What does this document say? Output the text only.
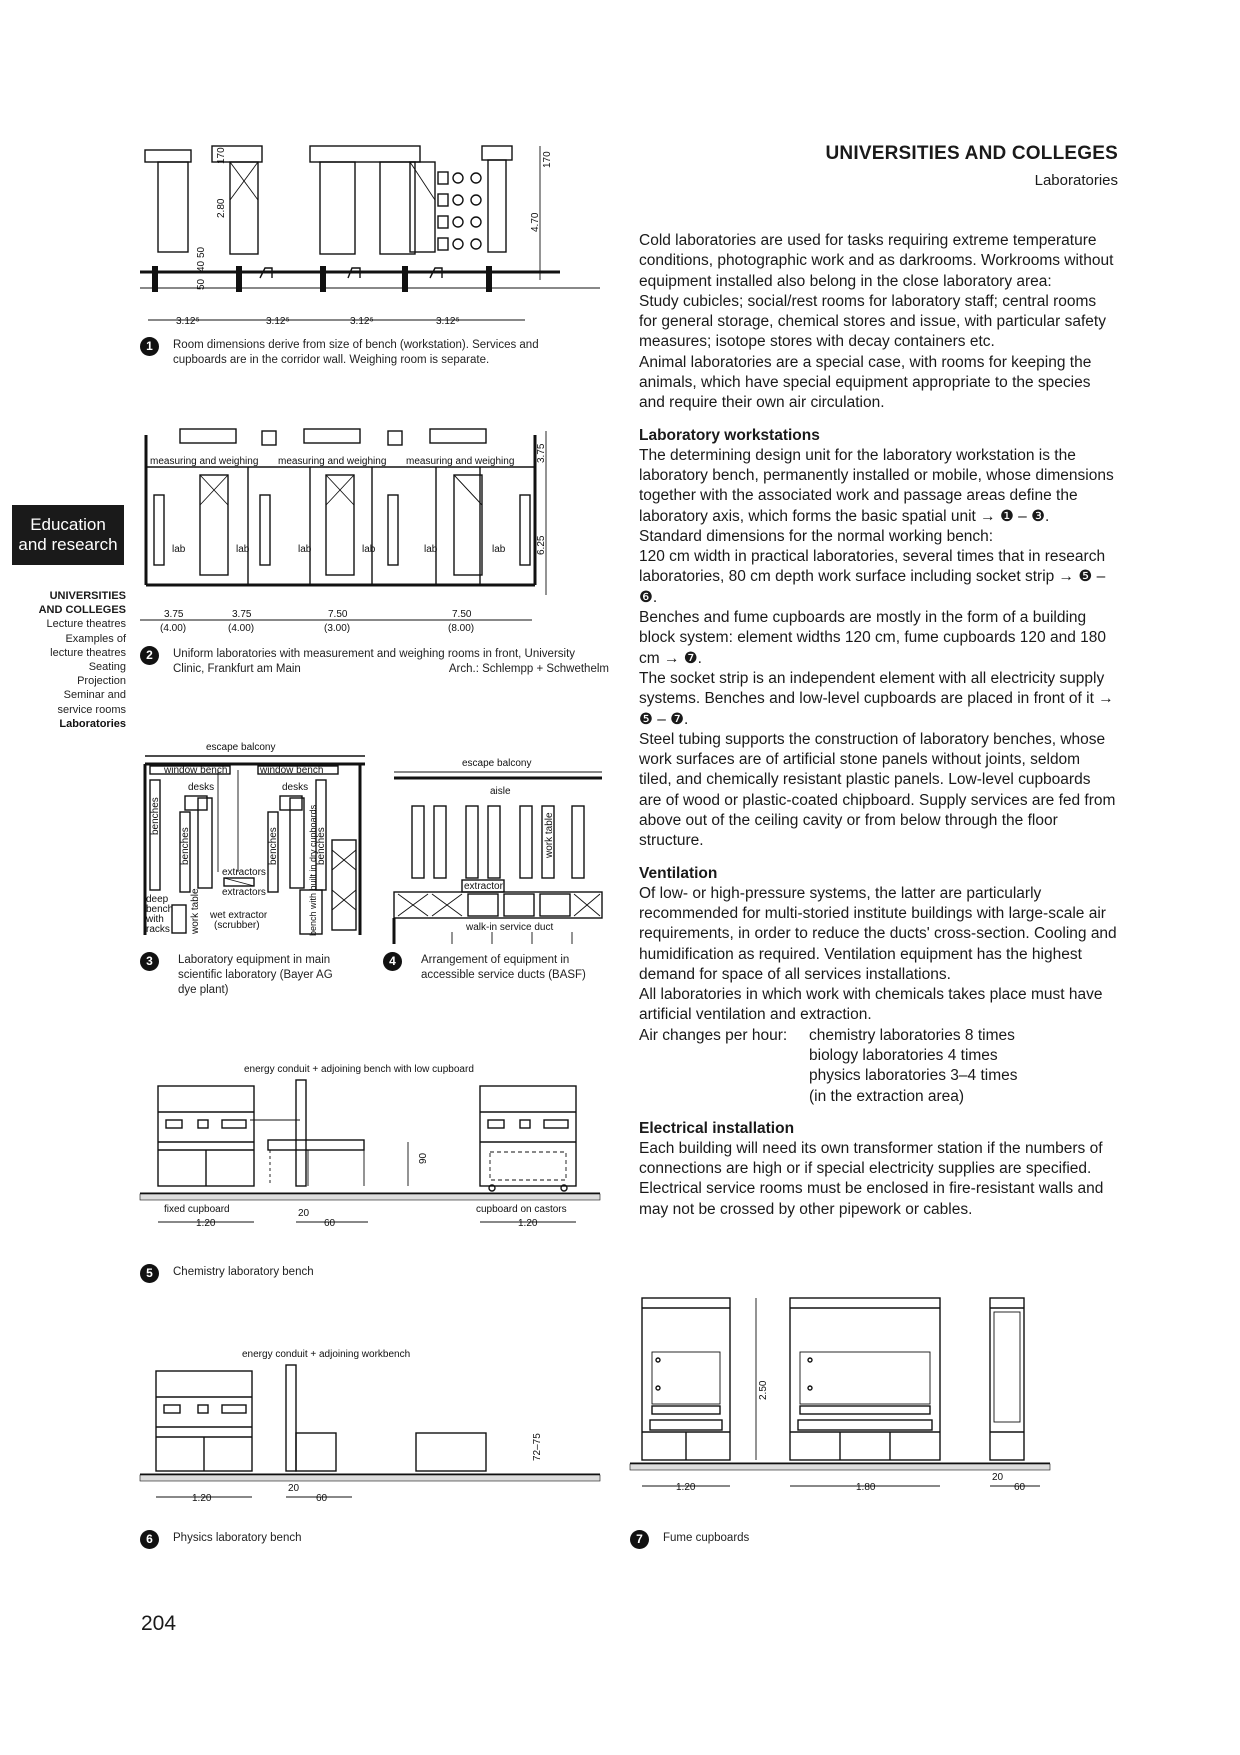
UNIVERSITIES AND COLLEGES
Laboratories
Education
and research
UNIVERSITIES
AND COLLEGES
Lecture theatres
Examples of
lecture theatres
Seating
Projection
Seminar and
service rooms
Laboratories
3.12⁵	3.12⁵	3.12⁵	3.12⁵
170
2.80
50
40
50
4.70
170
1	Room dimensions derive from size of bench (workstation). Services and
cupboards are in the corridor wall. Weighing room is separate.
measuring and weighing measuring and weighing measuring and weighing
lab	lab	lab	lab	lab	lab
3.75
6.25
3.75	3.75	7.50	7.50
(4.00)	(4.00)	(3.00)	(8.00)
2	Uniform laboratories with measurement and weighing rooms in front, University
Clinic, Frankfurt am Main	Arch.: Schlempp + Schwethelm
escape balcony
window bench	window bench
desks	desks
benches
benches	benches	benches
extractors
extractors
deep
bench
with
racks work table wet extractor
(scrubber)	bench with built in dry cupboards
3	Laboratory equipment in main
scientific laboratory (Bayer AG
dye plant)
escape balcony
aisle
work table
extractor
walk-in service duct
4	Arrangement of equipment in
accessible service ducts (BASF)
energy conduit + adjoining bench with low cupboard
90
fixed cupboard	cupboard on castors
1.20
20
60	1.20
5	Chemistry laboratory bench
energy conduit + adjoining workbench
72–75
1.20
20
60
6	Physics laboratory bench
2.50
1.20	1.80
20
60
7	Fume cupboards

Cold laboratories are used for tasks requiring extreme temperature conditions, photographic work and as darkrooms. Workrooms without equipment installed also belong in the close laboratory area:

Study cubicles; social/rest rooms for laboratory staff; central rooms for general storage, chemical stores and issue, with particular safety measures; isotope stores with decay containers etc.

Animal laboratories are a special case, with rooms for keeping the animals, which have special equipment appropriate to the species and require their own air circulation.

Laboratory workstations

The determining design unit for the laboratory workstation is the laboratory bench, permanently installed or mobile, whose dimensions together with the associated work and passage areas define the laboratory axis, which forms the basic spatial unit → ❶ – ❸.

Standard dimensions for the normal working bench:

120 cm width in practical laboratories, several times that in research laboratories, 80 cm depth work surface including socket strip → ❺ – ❻.

Benches and fume cupboards are mostly in the form of a building block system: element widths 120 cm, fume cupboards 120 and 180 cm → ❼.

The socket strip is an independent element with all electricity supply systems. Benches and low-level cupboards are placed in front of it → ❺ – ❼.

Steel tubing supports the construction of laboratory benches, whose work surfaces are of artificial stone panels without joints, seldom tiled, and chemically resistant plastic panels. Low-level cupboards are of wood or plastic-coated chipboard. Supply services are fed from above out of the ceiling cavity or from below through the floor structure.

Ventilation

Of low- or high-pressure systems, the latter are particularly recommended for multi-storied institute buildings with large-scale air requirements, in order to reduce the ducts' cross-section. Cooling and humidification as required. Ventilation equipment has the highest demand for space of all services installations.

All laboratories in which work with chemicals takes place must have artificial ventilation and extraction.

Air changes per hour:	chemistry laboratories 8 times
biology laboratories 4 times
physics laboratories 3–4 times
(in the extraction area)
Electrical installation

Each building will need its own transformer station if the numbers of connections are high or if special electricity supplies are specified. Electrical service rooms must be enclosed in fire-resistant walls and may not be crossed by other pipework or cables.

204
